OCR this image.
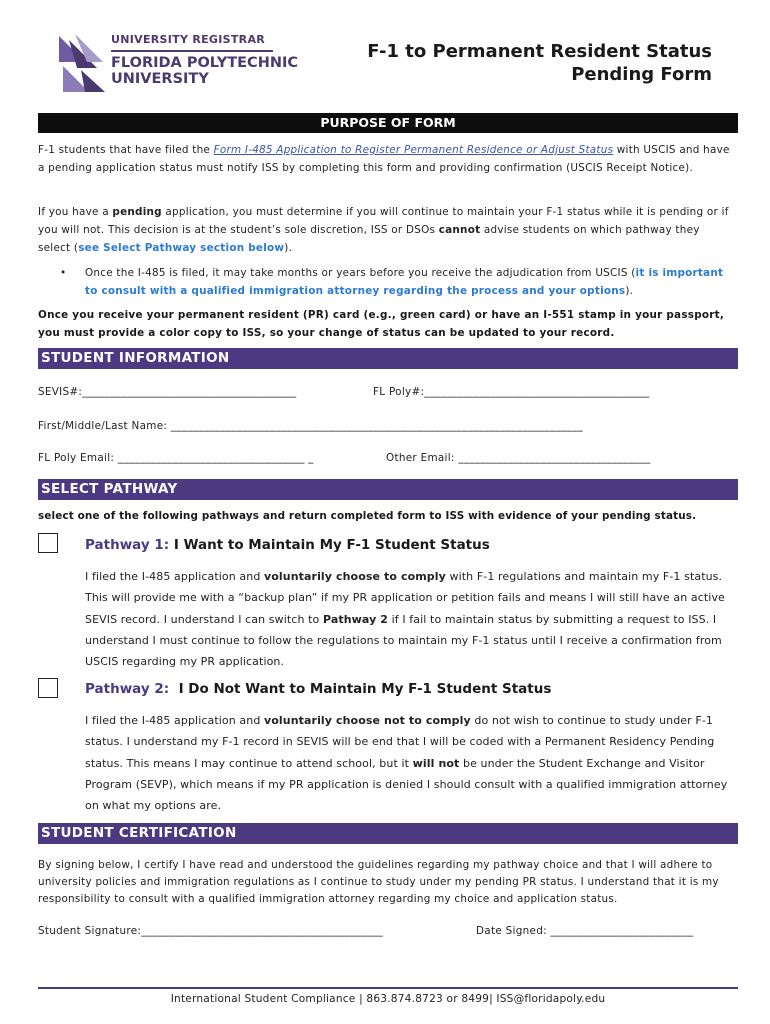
UNIVERSITY REGISTRAR
FLORIDA POLYTECHNIC
UNIVERSITY
F-1 to Permanent Resident Status
Pending Form
PURPOSE OF FORM
F-1 students that have filed the Form I-485 Application to Register Permanent Residence or Adjust Status with USCIS and have a pending application status must notify ISS by completing this form and providing confirmation (USCIS Receipt Notice).
If you have a pending application, you must determine if you will continue to maintain your F-1 status while it is pending or if you will not. This decision is at the student’s sole discretion, ISS or DSOs cannot advise students on which pathway they select (see Select Pathway section below).
• Once the I-485 is filed, it may take months or years before you receive the adjudication from USCIS (it is important to consult with a qualified immigration attorney regarding the process and your options).
Once you receive your permanent resident (PR) card (e.g., green card) or have an I-551 stamp in your passport, you must provide a color copy to ISS, so your change of status can be updated to your record.
STUDENT INFORMATION
SEVIS#:_______________________________________	FL Poly#:_________________________________________
First/Middle/Last Name: ___________________________________________________________________________
FL Poly Email: __________________________________ _	Other Email: ___________________________________
SELECT PATHWAY
select one of the following pathways and return completed form to ISS with evidence of your pending status.
Pathway 1: I Want to Maintain My F-1 Student Status
I filed the I-485 application and voluntarily choose to comply with F-1 regulations and maintain my F-1 status. This will provide me with a “backup plan” if my PR application or petition fails and means I will still have an active SEVIS record. I understand I can switch to Pathway 2 if I fail to maintain status by submitting a request to ISS. I understand I must continue to follow the regulations to maintain my F-1 status until I receive a confirmation from USCIS regarding my PR application.
Pathway 2:  I Do Not Want to Maintain My F-1 Student Status
I filed the I-485 application and voluntarily choose not to comply do not wish to continue to study under F-1 status. I understand my F-1 record in SEVIS will be end that I will be coded with a Permanent Residency Pending status. This means I may continue to attend school, but it will not be under the Student Exchange and Visitor Program (SEVP), which means if my PR application is denied I should consult with a qualified immigration attorney on what my options are.
STUDENT CERTIFICATION
By signing below, I certify I have read and understood the guidelines regarding my pathway choice and that I will adhere to university policies and immigration regulations as I continue to study under my pending PR status. I understand that it is my responsibility to consult with a qualified immigration attorney regarding my choice and application status.
Student Signature:____________________________________________	Date Signed: __________________________
International Student Compliance | 863.874.8723 or 8499| ISS@floridapoly.edu
